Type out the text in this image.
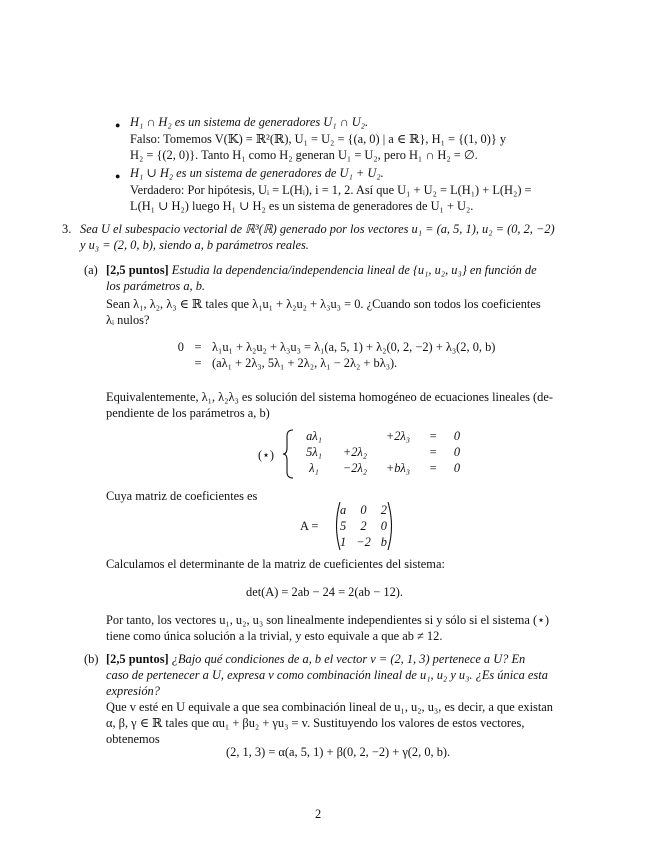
● H₁ ∩ H₂ es un sistema de generadores U₁ ∩ U₂.
Falso: Tomemos V(𝕂) = ℝ²(ℝ), U₁ = U₂ = {(a, 0) | a ∈ ℝ}, H₁ = {(1, 0)} y
H₂ = {(2, 0)}. Tanto H₁ como H₂ generan U₁ = U₂, pero H₁ ∩ H₂ = ∅.
● H₁ ∪ H₂ es un sistema de generadores de U₁ + U₂.
Verdadero: Por hipótesis, Uᵢ = L(Hᵢ), i = 1, 2. Así que U₁ + U₂ = L(H₁) + L(H₂) =
L(H₁ ∪ H₂) luego H₁ ∪ H₂ es un sistema de generadores de U₁ + U₂.
3. Sea U el subespacio vectorial de ℝ³(ℝ) generado por los vectores u₁ = (a, 5, 1), u₂ = (0, 2, −2)
y u₃ = (2, 0, b), siendo a, b parámetros reales.
(a) [2,5 puntos] Estudia la dependencia/independencia lineal de {u₁, u₂, u₃} en función de
los parámetros a, b.
Sean λ₁, λ₂, λ₃ ∈ ℝ tales que λ₁u₁ + λ₂u₂ + λ₃u₃ = 0. ¿Cuando son todos los coeficientes
λᵢ nulos?
0	=	λ₁u₁ + λ₂u₂ + λ₃u₃ = λ₁(a, 5, 1) + λ₂(0, 2, −2) + λ₃(2, 0, b)
	=	(aλ₁ + 2λ₃, 5λ₁ + 2λ₂, λ₁ − 2λ₂ + bλ₃).
Equivalentemente, λ₁, λ₂λ₃ es solución del sistema homogéneo de ecuaciones lineales (de-
pendiente de los parámetros a, b)
(⋆)
aλ₁		+2λ₃	=	0
5λ₁	+2λ₂		=	0
λ₁	−2λ₂	+bλ₃	=	0
Cuya matriz de coeficientes es
A =
a	0	2
5	2	0
1	−2	b
Calculamos el determinante de la matriz de cueficientes del sistema:
det(A) = 2ab − 24 = 2(ab − 12).
Por tanto, los vectores u₁, u₂, u₃ son linealmente independientes si y sólo si el sistema (⋆)
tiene como única solución a la trivial, y esto equivale a que ab ≠ 12.
(b) [2,5 puntos] ¿Bajo qué condiciones de a, b el vector v = (2, 1, 3) pertenece a U? En
caso de pertenecer a U, expresa v como combinación lineal de u₁, u₂ y u₃. ¿Es única esta
expresión?
Que v esté en U equivale a que sea combinación lineal de u₁, u₂, u₃, es decir, a que existan
α, β, γ ∈ ℝ tales que αu₁ + βu₂ + γu₃ = v. Sustituyendo los valores de estos vectores,
obtenemos
(2, 1, 3) = α(a, 5, 1) + β(0, 2, −2) + γ(2, 0, b).
2
